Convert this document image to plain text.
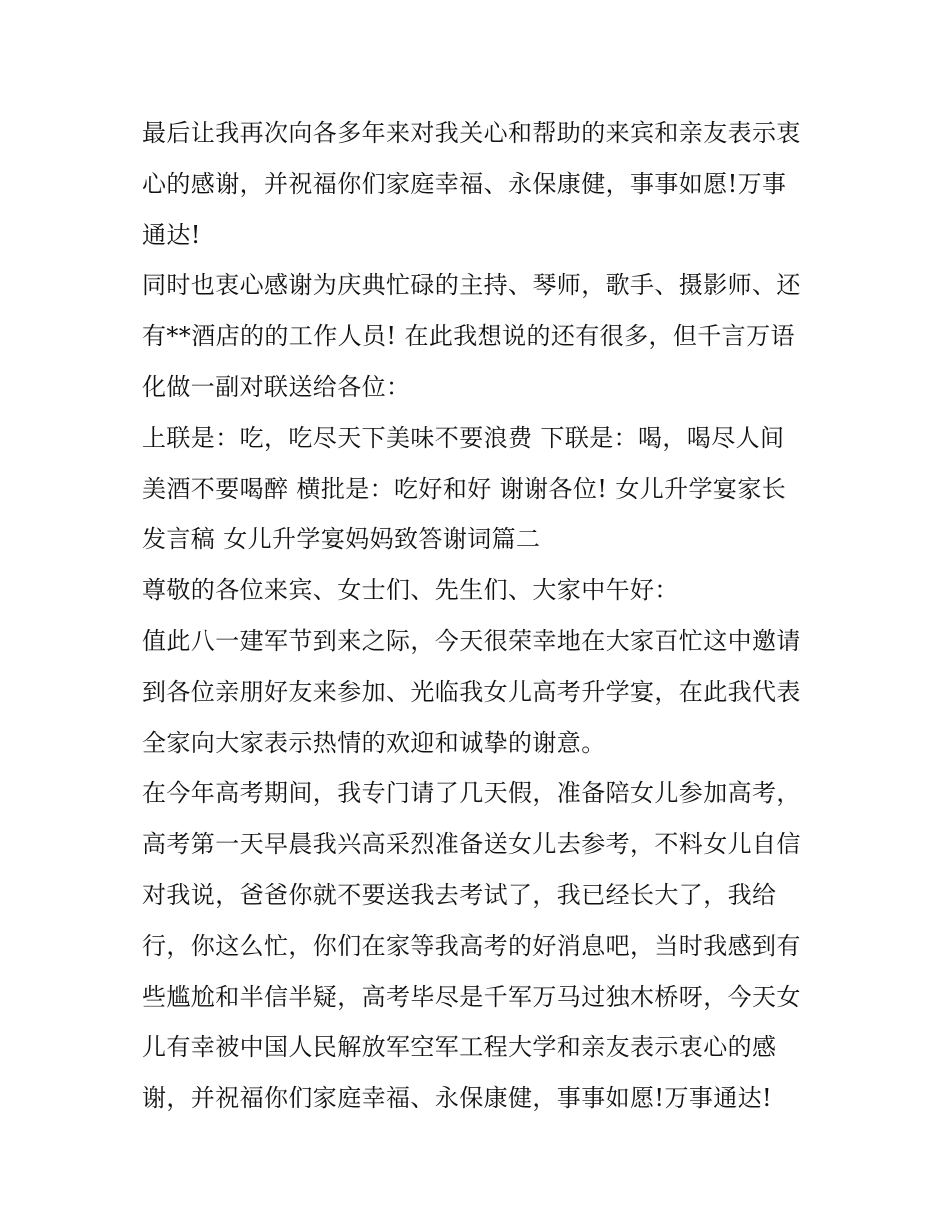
最后让我再次向各多年来对我关心和帮助的来宾和亲友表示衷
心的感谢，并祝福你们家庭幸福、永保康健，事事如愿!万事
通达!
同时也衷心感谢为庆典忙碌的主持、琴师，歌手、摄影师、还
有**酒店的的工作人员! 在此我想说的还有很多，但千言万语
化做一副对联送给各位：
上联是：吃，吃尽天下美味不要浪费 下联是：喝，喝尽人间
美酒不要喝醉 横批是：吃好和好 谢谢各位! 女儿升学宴家长
发言稿 女儿升学宴妈妈致答谢词篇二
尊敬的各位来宾、女士们、先生们、大家中午好：
值此八一建军节到来之际，今天很荣幸地在大家百忙这中邀请
到各位亲朋好友来参加、光临我女儿高考升学宴，在此我代表
全家向大家表示热情的欢迎和诚挚的谢意。
在今年高考期间，我专门请了几天假，准备陪女儿参加高考，
高考第一天早晨我兴高采烈准备送女儿去参考，不料女儿自信
对我说，爸爸你就不要送我去考试了，我已经长大了，我给
行，你这么忙，你们在家等我高考的好消息吧，当时我感到有
些尴尬和半信半疑，高考毕尽是千军万马过独木桥呀，今天女
儿有幸被中国人民解放军空军工程大学和亲友表示衷心的感
谢，并祝福你们家庭幸福、永保康健，事事如愿!万事通达!
